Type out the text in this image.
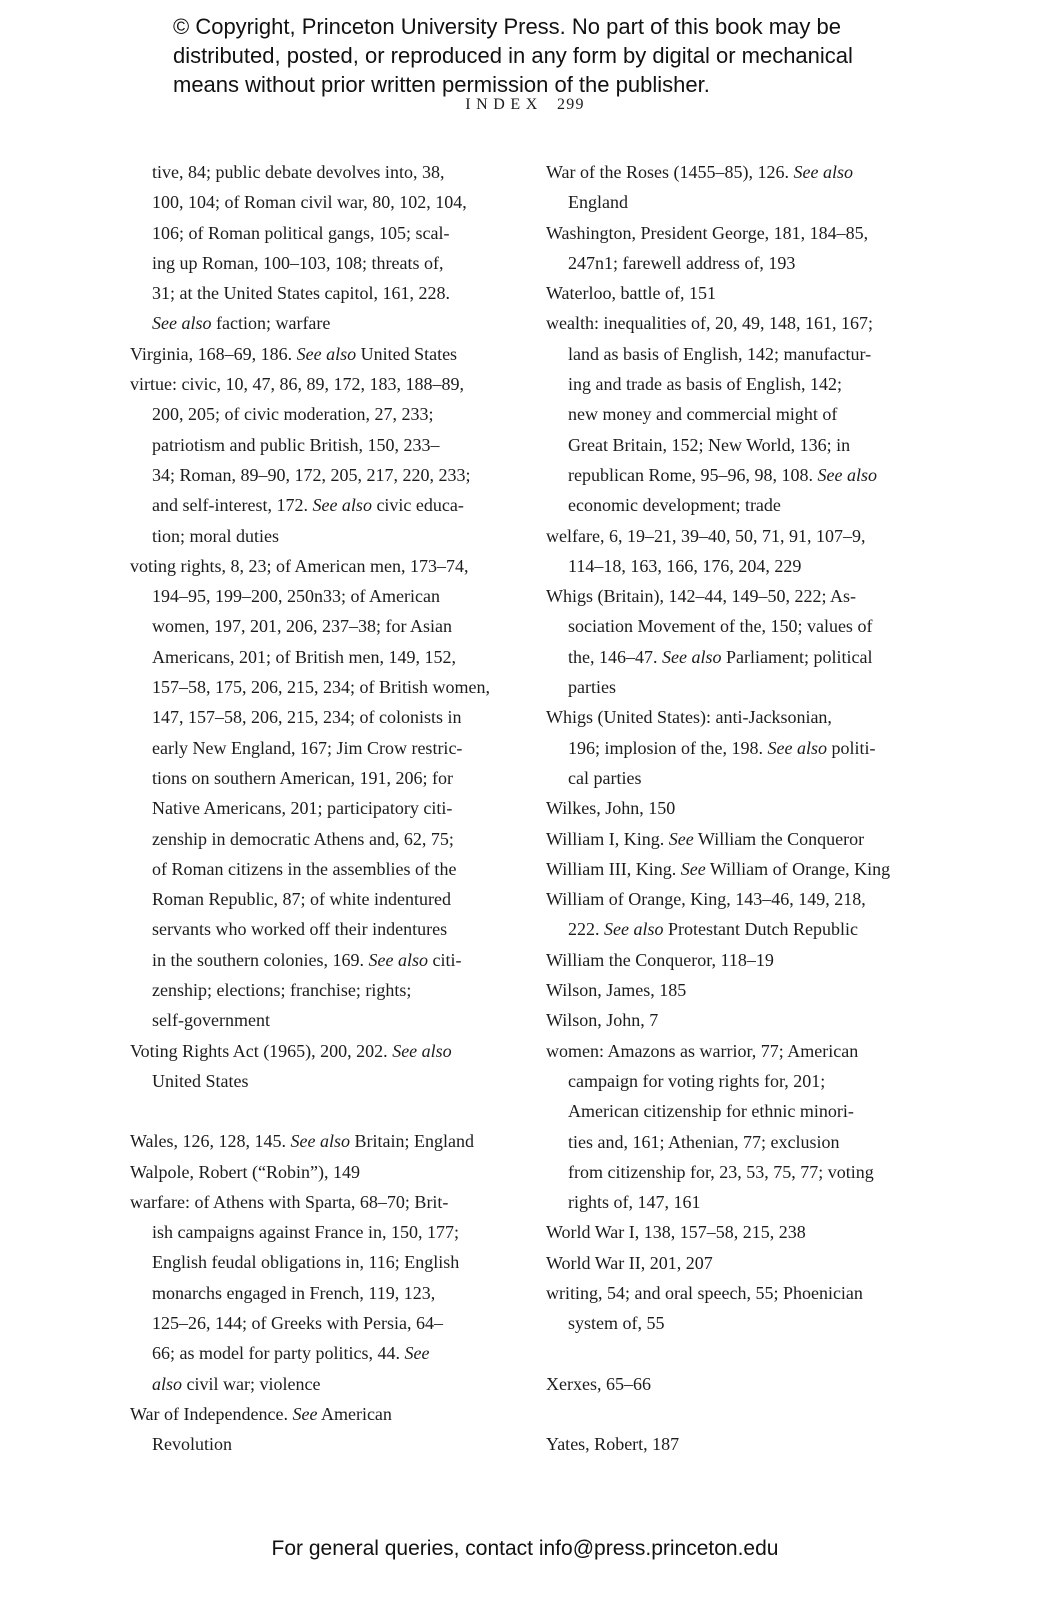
© Copyright, Princeton University Press. No part of this book may be
distributed, posted, or reproduced in any form by digital or mechanical
means without prior written permission of the publisher.
INDEX 299

tive, 84; public debate devolves into, 38,
100, 104; of Roman civil war, 80, 102, 104,
106; of Roman political gangs, 105; scal-
ing up Roman, 100–103, 108; threats of,
31; at the United States capitol, 161, 228.
See also faction; warfare

Virginia, 168–69, 186. See also United States

virtue: civic, 10, 47, 86, 89, 172, 183, 188–89,
200, 205; of civic moderation, 27, 233;
patriotism and public British, 150, 233–
34; Roman, 89–90, 172, 205, 217, 220, 233;
and self-interest, 172. See also civic educa-
tion; moral duties

voting rights, 8, 23; of American men, 173–74,
194–95, 199–200, 250n33; of American
women, 197, 201, 206, 237–38; for Asian
Americans, 201; of British men, 149, 152,
157–58, 175, 206, 215, 234; of British women,
147, 157–58, 206, 215, 234; of colonists in
early New England, 167; Jim Crow restric-
tions on southern American, 191, 206; for
Native Americans, 201; participatory citi-
zenship in democratic Athens and, 62, 75;
of Roman citizens in the assemblies of the
Roman Republic, 87; of white indentured
servants who worked off their indentures
in the southern colonies, 169. See also citi-
zenship; elections; franchise; rights;
self-government

Voting Rights Act (1965), 200, 202. See also
United States

Wales, 126, 128, 145. See also Britain; England

Walpole, Robert (“Robin”), 149

warfare: of Athens with Sparta, 68–70; Brit-
ish campaigns against France in, 150, 177;
English feudal obligations in, 116; English
monarchs engaged in French, 119, 123,
125–26, 144; of Greeks with Persia, 64–
66; as model for party politics, 44. See
also civil war; violence

War of Independence. See American
Revolution

War of the Roses (1455–85), 126. See also
England

Washington, President George, 181, 184–85,
247n1; farewell address of, 193

Waterloo, battle of, 151

wealth: inequalities of, 20, 49, 148, 161, 167;
land as basis of English, 142; manufactur-
ing and trade as basis of English, 142;
new money and commercial might of
Great Britain, 152; New World, 136; in
republican Rome, 95–96, 98, 108. See also
economic development; trade

welfare, 6, 19–21, 39–40, 50, 71, 91, 107–9,
114–18, 163, 166, 176, 204, 229

Whigs (Britain), 142–44, 149–50, 222; As-
sociation Movement of the, 150; values of
the, 146–47. See also Parliament; political
parties

Whigs (United States): anti-Jacksonian,
196; implosion of the, 198. See also politi-
cal parties

Wilkes, John, 150

William I, King. See William the Conqueror

William III, King. See William of Orange, King

William of Orange, King, 143–46, 149, 218,
222. See also Protestant Dutch Republic

William the Conqueror, 118–19

Wilson, James, 185

Wilson, John, 7

women: Amazons as warrior, 77; American
campaign for voting rights for, 201;
American citizenship for ethnic minori-
ties and, 161; Athenian, 77; exclusion
from citizenship for, 23, 53, 75, 77; voting
rights of, 147, 161

World War I, 138, 157–58, 215, 238

World War II, 201, 207

writing, 54; and oral speech, 55; Phoenician
system of, 55

Xerxes, 65–66

Yates, Robert, 187

For general queries, contact info@press.princeton.edu
